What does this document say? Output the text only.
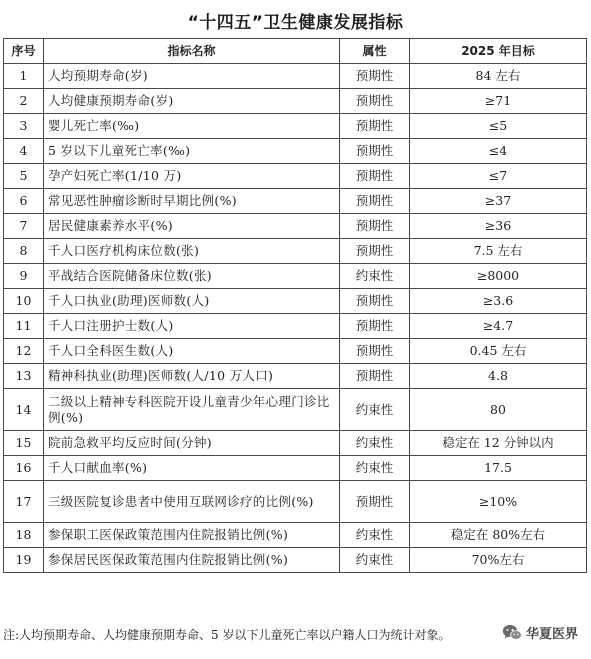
“十四五”卫生健康发展指标
序号	指标名称	属性	2025 年目标
1	人均预期寿命(岁)	预期性	84 左右
2	人均健康预期寿命(岁)	预期性	≥71
3	婴儿死亡率(‰)	预期性	≤5
4	5 岁以下儿童死亡率(‰)	预期性	≤4
5	孕产妇死亡率(1/10 万)	预期性	≤7
6	常见恶性肿瘤诊断时早期比例(%)	预期性	≥37
7	居民健康素养水平(%)	预期性	≥36
8	千人口医疗机构床位数(张)	预期性	7.5 左右
9	平战结合医院储备床位数(张)	约束性	≥8000
10	千人口执业(助理)医师数(人)	预期性	≥3.6
11	千人口注册护士数(人)	预期性	≥4.7
12	千人口全科医生数(人)	预期性	0.45 左右
13	精神科执业(助理)医师数(人/10 万人口)	预期性	4.8
14	二级以上精神专科医院开设儿童青少年心理门诊比例(%)	约束性	80
15	院前急救平均反应时间(分钟)	约束性	稳定在 12 分钟以内
16	千人口献血率(%)	约束性	17.5
17	三级医院复诊患者中使用互联网诊疗的比例(%)	预期性	≥10%
18	参保职工医保政策范围内住院报销比例(%)	约束性	稳定在 80%左右
19	参保居民医保政策范围内住院报销比例(%)	约束性	70%左右
注:人均预期寿命、人均健康预期寿命、5 岁以下儿童死亡率以户籍人口为统计对象。	华夏医界
